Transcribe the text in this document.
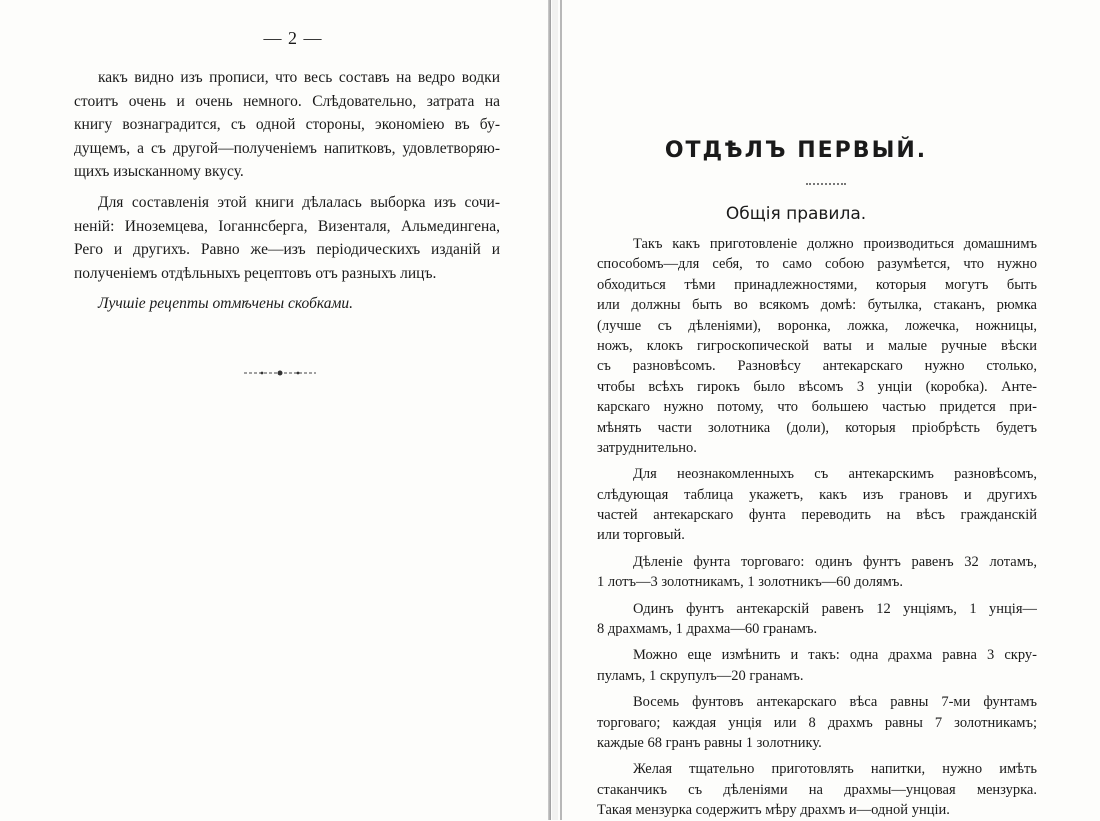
— 2 —
какъ видно изъ прописи, что весь составъ на ведро водки
стоитъ очень и очень немного. Слѣдовательно, затрата на
книгу вознаградится, съ одной стороны, экономіею въ бу-
дущемъ, а съ другой—полученіемъ напитковъ, удовлетворяю-
щихъ изысканному вкусу.
Для составленія этой книги дѣлалась выборка изъ сочи-
неній: Иноземцева, Іоганнсберга, Визенталя, Альмедингена,
Рего и другихъ. Равно же—изъ періодическихъ изданій и
полученіемъ отдѣльныхъ рецептовъ отъ разныхъ лицъ.
Лучшіе рецепты отмѣчены скобками.
ОТДѢЛЪ ПЕРВЫЙ.
Общія правила.
Такъ какъ приготовленіе должно производиться домашнимъ
способомъ—для себя, то само собою разумѣется, что нужно
обходиться тѣми принадлежностями, которыя могутъ быть
или должны быть во всякомъ домѣ: бутылка, стаканъ, рюмка
(лучше съ дѣленіями), воронка, ложка, ложечка, ножницы,
ножъ, клокъ гигроскопической ваты и малые ручные вѣски
съ разновѣсомъ. Разновѣсу антекарскаго нужно столько,
чтобы всѣхъ гирокъ было вѣсомъ 3 унціи (коробка). Анте-
карскаго нужно потому, что большею частью придется при-
мѣнять части золотника (доли), которыя пріобрѣсть будетъ
затруднительно.
Для неознакомленныхъ съ антекарскимъ разновѣсомъ,
слѣдующая таблица укажетъ, какъ изъ грановъ и другихъ
частей антекарскаго фунта переводить на вѣсъ гражданскій
или торговый.
Дѣленіе фунта торговаго: одинъ фунтъ равенъ 32 лотамъ,
1 лотъ—3 золотникамъ, 1 золотникъ—60 долямъ.
Одинъ фунтъ антекарскій равенъ 12 унціямъ, 1 унція—
8 драхмамъ, 1 драхма—60 гранамъ.
Можно еще измѣнить и такъ: одна драхма равна 3 скру-
пуламъ, 1 скрупулъ—20 гранамъ.
Восемь фунтовъ антекарскаго вѣса равны 7-ми фунтамъ
торговаго; каждая унція или 8 драхмъ равны 7 золотникамъ;
каждые 68 гранъ равны 1 золотнику.
Желая тщательно приготовлять напитки, нужно имѣть
стаканчикъ съ дѣленіями на драхмы—унцовая мензурка.
Такая мензурка содержитъ мѣру драхмъ и—одной унціи.
